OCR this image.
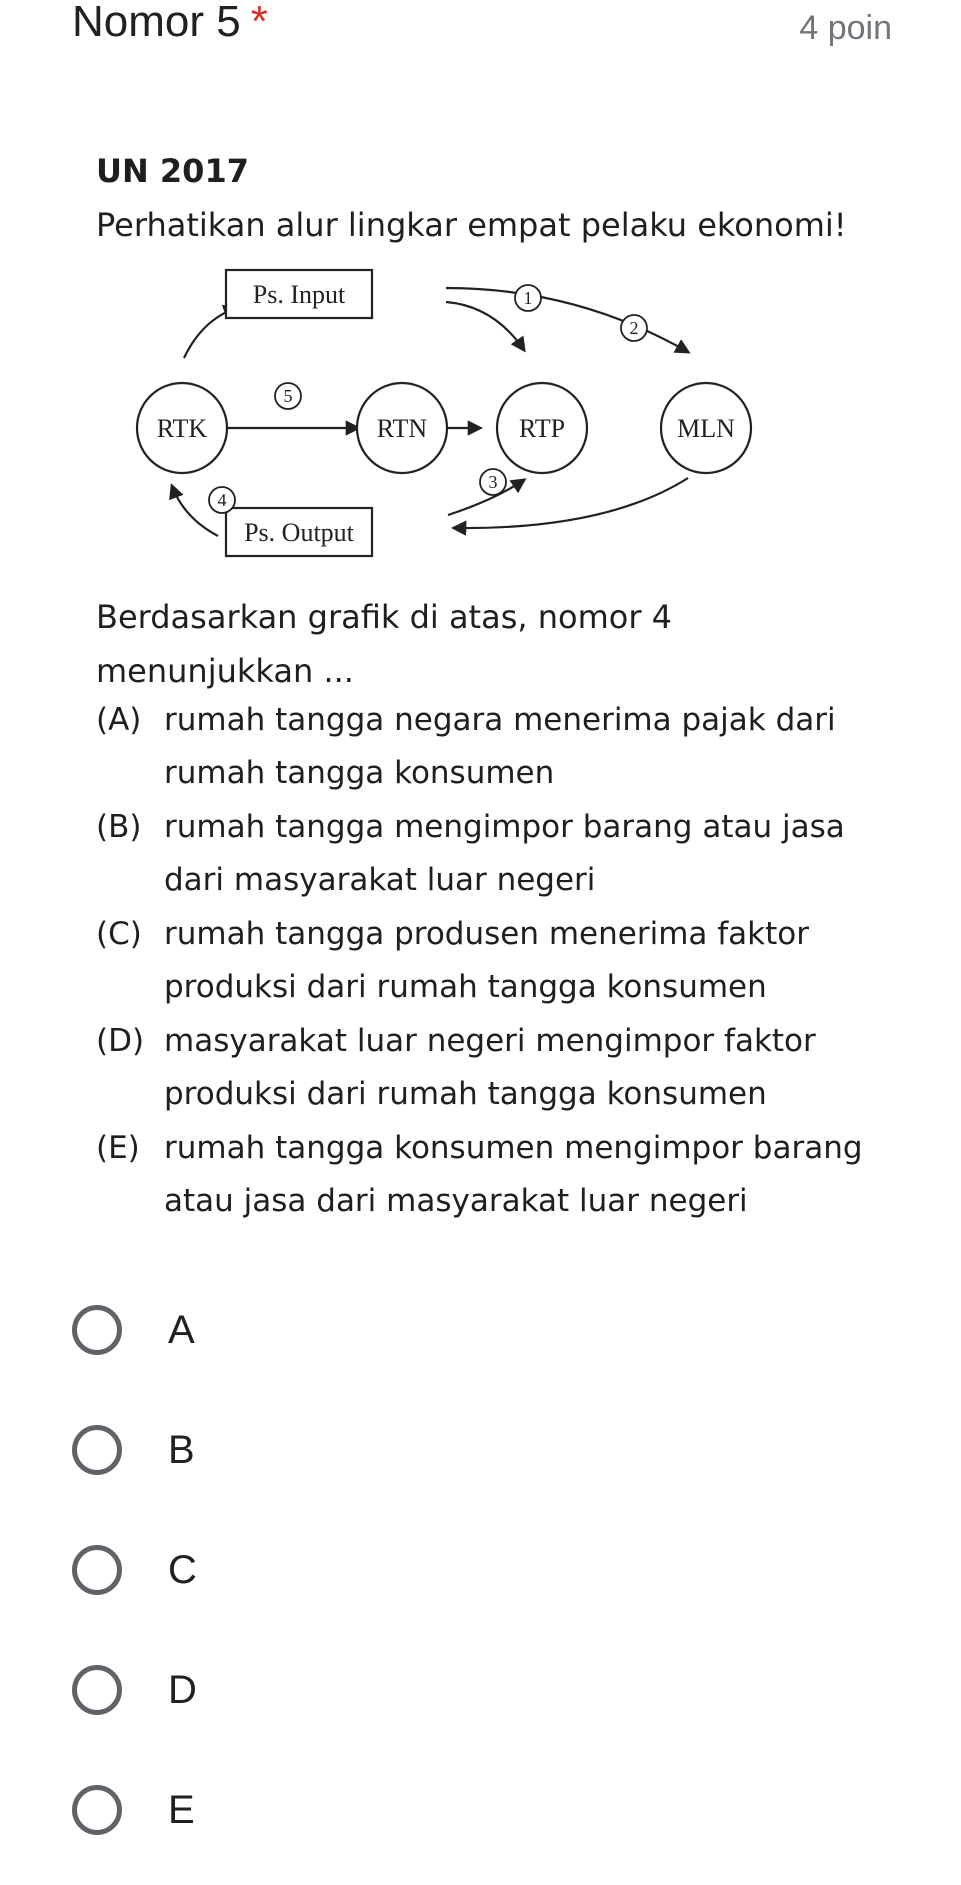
Nomor 5 *	4 poin
UN 2017
Perhatikan alur lingkar empat pelaku ekonomi!
Ps. Input
Ps. Output
RTK	RTN	RTP	MLN
1
2
3
4
5
Berdasarkan grafik di atas, nomor 4 menunjukkan ...
(A) rumah tangga negara menerima pajak dari rumah tangga konsumen
(B) rumah tangga mengimpor barang atau jasa dari masyarakat luar negeri
(C) rumah tangga produsen menerima faktor produksi dari rumah tangga konsumen
(D) masyarakat luar negeri mengimpor faktor produksi dari rumah tangga konsumen
(E) rumah tangga konsumen mengimpor barang atau jasa dari masyarakat luar negeri
A
B
C
D
E
